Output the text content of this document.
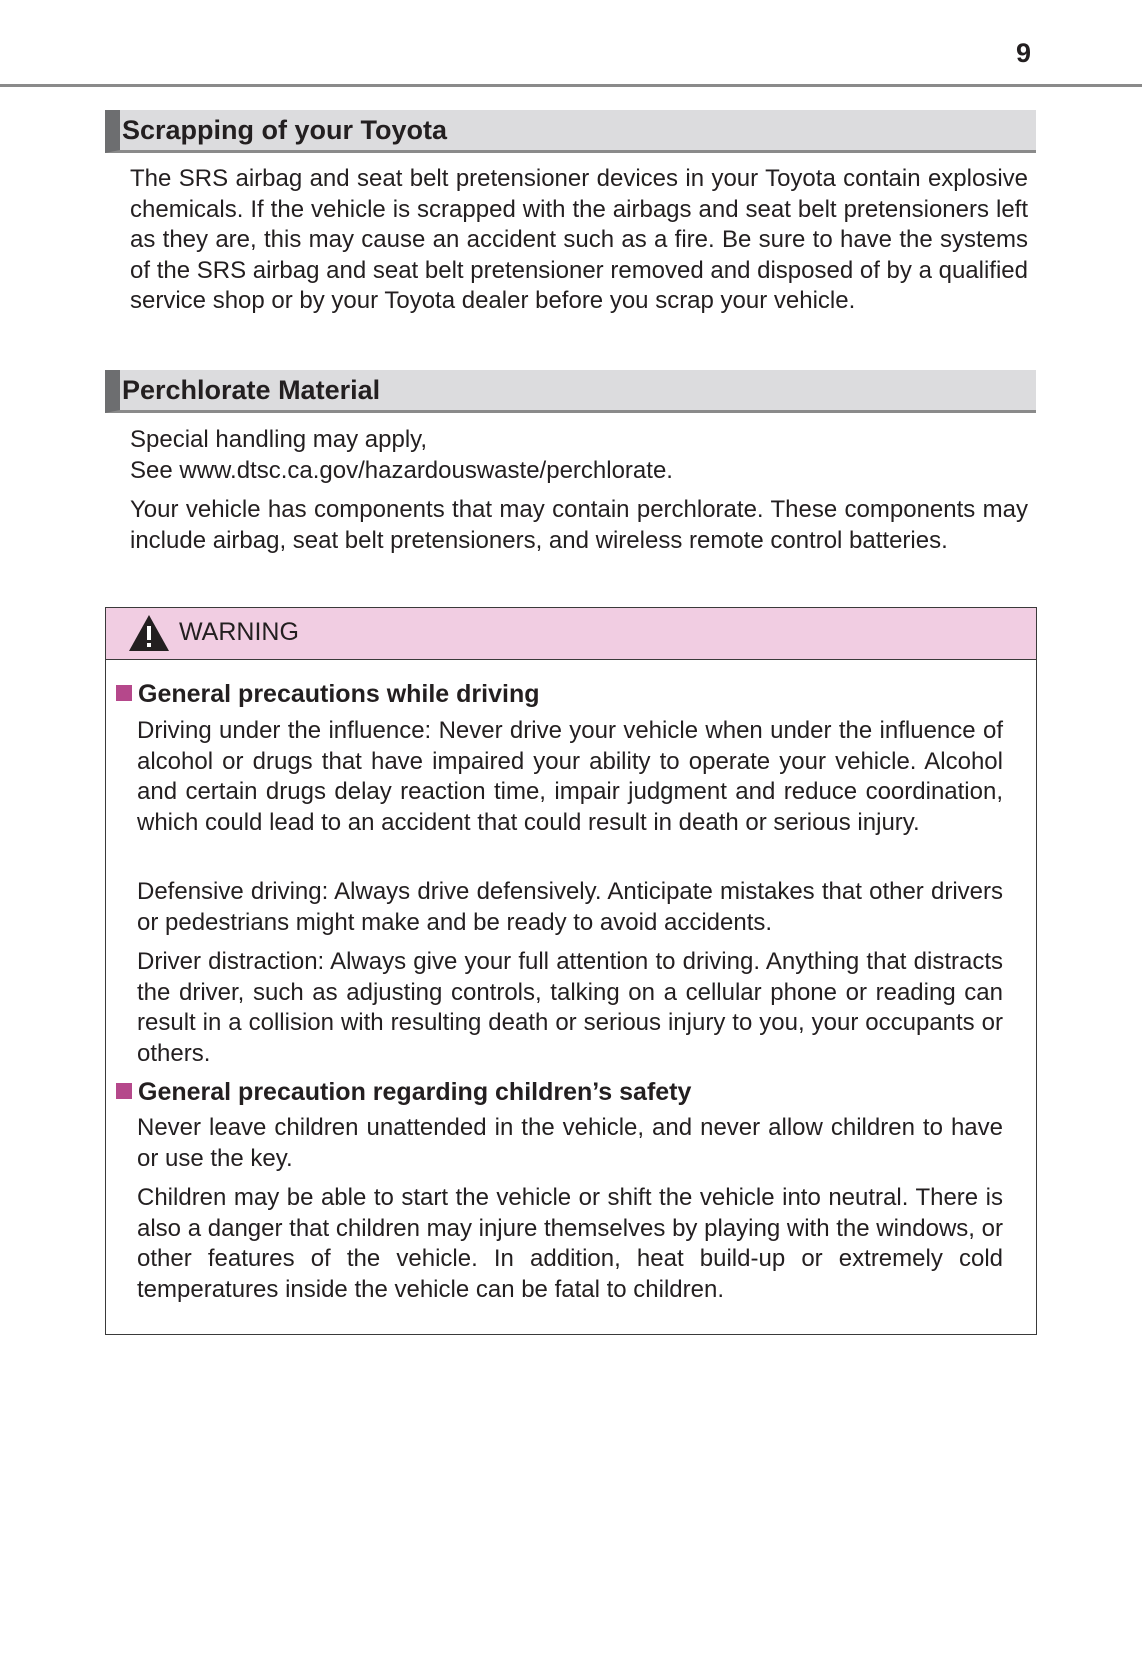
9
Scrapping of your Toyota

The SRS airbag and seat belt pretensioner devices in your Toyota contain explosive chemicals. If the vehicle is scrapped with the airbags and seat belt pretensioners left as they are, this may cause an accident such as a fire. Be sure to have the systems of the SRS airbag and seat belt pretensioner removed and disposed of by a qualified service shop or by your Toyota dealer before you scrap your vehicle.

Perchlorate Material

Special handling may apply,

See www.dtsc.ca.gov/hazardouswaste/perchlorate.

Your vehicle has components that may contain perchlorate. These components may include airbag, seat belt pretensioners, and wireless remote control batteries.

WARNING
General precautions while driving

Driving under the influence: Never drive your vehicle when under the influence of alcohol or drugs that have impaired your ability to operate your vehicle. Alcohol and certain drugs delay reaction time, impair judgment and reduce coordination, which could lead to an accident that could result in death or serious injury.

Defensive driving: Always drive defensively. Anticipate mistakes that other drivers or pedestrians might make and be ready to avoid accidents.

Driver distraction: Always give your full attention to driving. Anything that distracts the driver, such as adjusting controls, talking on a cellular phone or reading can result in a collision with resulting death or serious injury to you, your occupants or others.

General precaution regarding children’s safety

Never leave children unattended in the vehicle, and never allow children to have or use the key.

Children may be able to start the vehicle or shift the vehicle into neutral. There is also a danger that children may injure themselves by playing with the windows, or other features of the vehicle. In addition, heat build-up or extremely cold temperatures inside the vehicle can be fatal to children.
